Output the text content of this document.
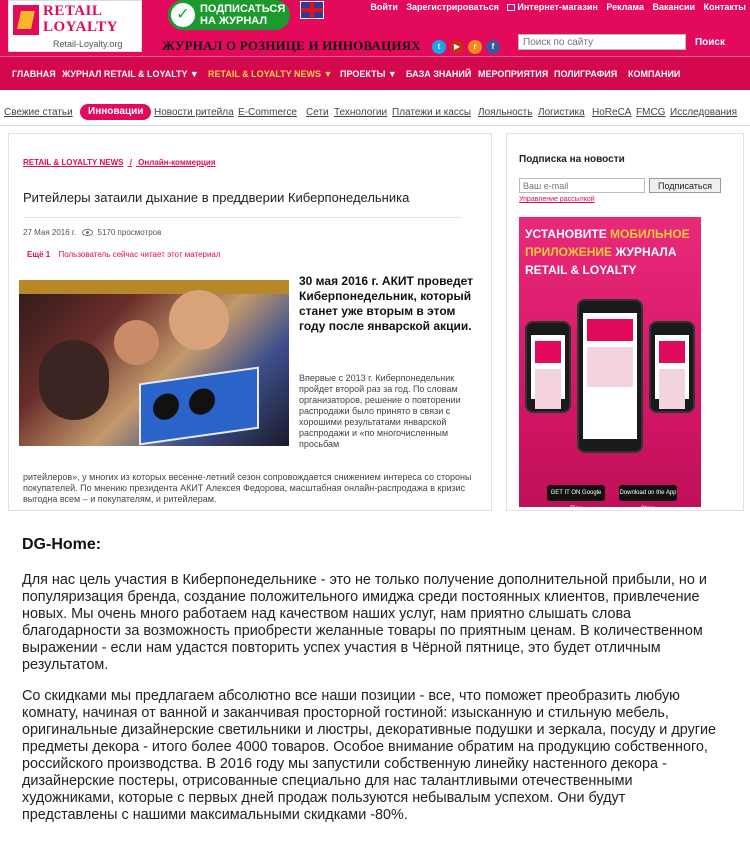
RETAIL
LOYALTY
Retail-Loyalty.org
✓ ПОДПИСАТЬСЯ
НА ЖУРНАЛ
Войти Зарегистрироваться Интернет-магазин Реклама Вакансии Контакты
ЖУРНАЛ О РОЗНИЦЕ И ИННОВАЦИЯХ	t	▶	r	f
Поиск по сайту	Поиск
ГЛАВНАЯ ЖУРНАЛ RETAIL & LOYALTY ▼ RETAIL & LOYALTY NEWS ▼ ПРОЕКТЫ ▼ БАЗА ЗНАНИЙ МЕРОПРИЯТИЯ ПОЛИГРАФИЯ КОМПАНИИ
Свежие статьи	Инновации	Новости ритейла E-Commerce Сети Технологии Платежи и кассы Лояльность Логистика HoReCA FMCG Исследования
RETAIL & LOYALTY NEWS / Онлайн-коммерция
Ритейлеры затаили дыхание в преддверии Киберпонедельника
27 Мая 2016 г.	5170 просмотров
Ещё 1 Пользователь сейчас читает этот материал
30 мая 2016 г. АКИТ проведет Киберпонедельник, который станет уже вторым в этом году после январской акции.
Впервые с 2013 г. Киберпонедельник пройдет второй раз за год. По словам организаторов, решение о повторении распродажи было принято в связи с хорошими результатами январской распродажи и «по многочисленным просьбам
ритейлеров», у многих из которых весенне-летний сезон сопровождается снижением интереса со стороны покупателей. По мнению президента АКИТ Алексея Федорова, масштабная онлайн-распродажа в кризис выгодна всем – и покупателям, и ритейлерам.
Подписка на новости
Ваш e-mail
Подписаться
Управление рассылкой
УСТАНОВИТЕ МОБИЛЬНОЕ
ПРИЛОЖЕНИЕ ЖУРНАЛА
RETAIL & LOYALTY
GET IT ON Google Play
Download on the App Store
DG-Home:
Для нас цель участия в Киберпонедельнике - это не только получение дополнительной прибыли, но и популяризация бренда, создание положительного имиджа среди постоянных клиентов, привлечение новых. Мы очень много работаем над качеством наших услуг, нам приятно слышать слова благодарности за возможность приобрести желанные товары по приятным ценам. В количественном выражении - если нам удастся повторить успех участия в Чёрной пятнице, это будет отличным результатом.
Со скидками мы предлагаем абсолютно все наши позиции - все, что поможет преобразить любую комнату, начиная от ванной и заканчивая просторной гостиной: изысканную и стильную мебель, оригинальные дизайнерские светильники и люстры, декоративные подушки и зеркала, посуду и другие предметы декора - итого более 4000 товаров. Особое внимание обратим на продукцию собственного, российского производства. В 2016 году мы запустили собственную линейку настенного декора - дизайнерские постеры, отрисованные специально для нас талантливыми отечественными художниками, которые с первых дней продаж пользуются небывалым успехом. Они будут представлены с нашими максимальными скидками -80%.
